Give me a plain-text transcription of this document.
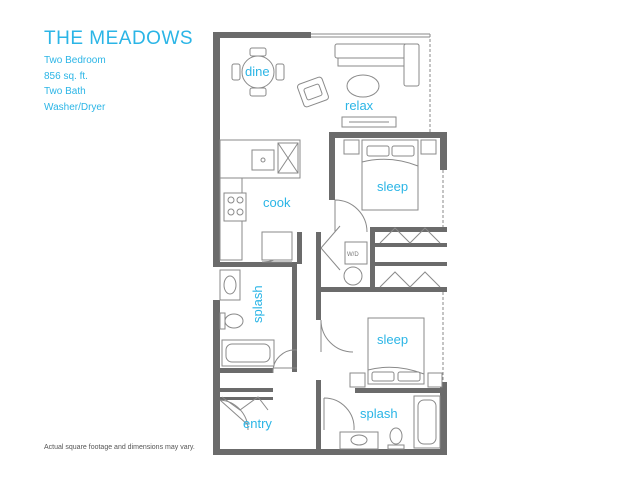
THE MEADOWS
Two Bedroom
856 sq. ft.
Two Bath
Washer/Dryer
dine
relax
cook
sleep
sleep
splash
splash
entry
W/D
Actual square footage and dimensions may vary.
